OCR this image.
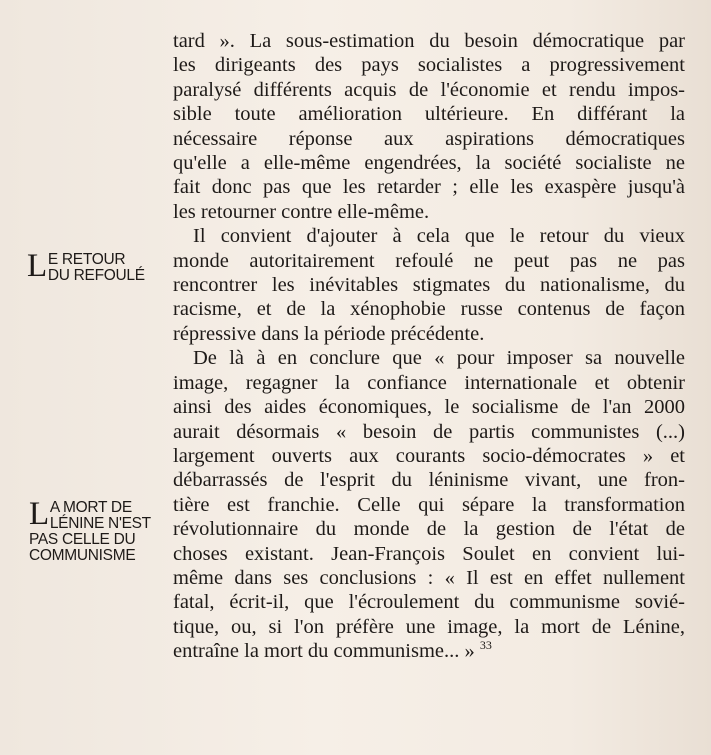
L E RETOUR
DU REFOULÉ
L A MORT DE
LÉNINE N'EST
PAS CELLE DU
COMMUNISME

tard ». La sous-estimation du besoin démocratique par
les dirigeants des pays socialistes a progressivement
paralysé différents acquis de l'économie et rendu impos-
sible toute amélioration ultérieure. En différant la
nécessaire réponse aux aspirations démocratiques
qu'elle a elle-même engendrées, la société socialiste ne
fait donc pas que les retarder ; elle les exaspère jusqu'à
les retourner contre elle-même.

Il convient d'ajouter à cela que le retour du vieux

monde autoritairement refoulé ne peut pas ne pas
rencontrer les inévitables stigmates du nationalisme, du
racisme, et de la xénophobie russe contenus de façon
répressive dans la période précédente.

De là à en conclure que « pour imposer sa nouvelle

image, regagner la confiance internationale et obtenir
ainsi des aides économiques, le socialisme de l'an 2000
aurait désormais « besoin de partis communistes (...)
largement ouverts aux courants socio-démocrates » et
débarrassés de l'esprit du léninisme vivant, une fron-
tière est franchie. Celle qui sépare la transformation
révolutionnaire du monde de la gestion de l'état de
choses existant. Jean-François Soulet en convient lui-
même dans ses conclusions : « Il est en effet nullement
fatal, écrit-il, que l'écroulement du communisme sovié-
tique, ou, si l'on préfère une image, la mort de Lénine,
entraîne la mort du communisme... » $^{33}$
